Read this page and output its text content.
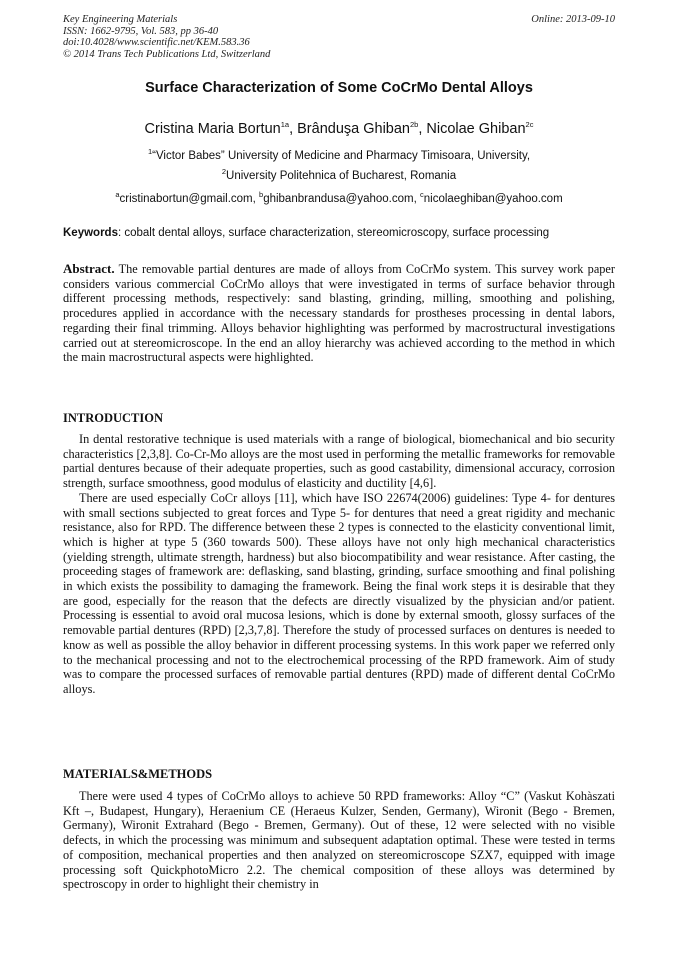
Key Engineering Materials
ISSN: 1662-9795, Vol. 583, pp 36-40
doi:10.4028/www.scientific.net/KEM.583.36
© 2014 Trans Tech Publications Ltd, Switzerland
Online: 2013-09-10
Surface Characterization of Some CoCrMo Dental Alloys
Cristina Maria Bortun$^{1a}$, Brânduşa Ghiban$^{2b}$, Nicolae Ghiban$^{2c}$
$^1$“Victor Babes” University of Medicine and Pharmacy Timisoara, University,
$^2$University Politehnica of Bucharest, Romania
$^a$cristinabortun@gmail.com, $^b$ghibanbrandusa@yahoo.com, $^c$nicolaeghiban@yahoo.com
Keywords: cobalt dental alloys, surface characterization, stereomicroscopy, surface processing
Abstract. The removable partial dentures are made of alloys from CoCrMo system. This survey work paper considers various commercial CoCrMo alloys that were investigated in terms of surface behavior through different processing methods, respectively: sand blasting, grinding, milling, smoothing and polishing, procedures applied in accordance with the necessary standards for prostheses processing in dental labors, regarding their final trimming. Alloys behavior highlighting was performed by macrostructural investigations carried out at stereomicroscope. In the end an alloy hierarchy was achieved according to the method in which the main macrostructural aspects were highlighted.
INTRODUCTION

In dental restorative technique is used materials with a range of biological, biomechanical and bio security characteristics [2,3,8]. Co-Cr-Mo alloys are the most used in performing the metallic frameworks for removable partial dentures because of their adequate properties, such as good castability, dimensional accuracy, corrosion strength, surface smoothness, good modulus of elasticity and ductility [4,6].

There are used especially CoCr alloys [11], which have ISO 22674(2006) guidelines: Type 4- for dentures with small sections subjected to great forces and Type 5- for dentures that need a great rigidity and mechanic resistance, also for RPD. The difference between these 2 types is connected to the elasticity conventional limit, which is higher at type 5 (360 towards 500). These alloys have not only high mechanical characteristics (yielding strength, ultimate strength, hardness) but also biocompatibility and wear resistance. After casting, the proceeding stages of framework are: deflasking, sand blasting, grinding, surface smoothing and final polishing in which exists the possibility to damaging the framework. Being the final work steps it is desirable that they are good, especially for the reason that the defects are directly visualized by the physician and/or patient. Processing is essential to avoid oral mucosa lesions, which is done by external smooth, glossy surfaces of the removable partial dentures (RPD) [2,3,7,8]. Therefore the study of processed surfaces on dentures is needed to know as well as possible the alloy behavior in different processing systems. In this work paper we referred only to the mechanical processing and not to the electrochemical processing of the RPD framework. Aim of study was to compare the processed surfaces of removable partial dentures (RPD) made of different dental CoCrMo alloys.

MATERIALS&METHODS

There were used 4 types of CoCrMo alloys to achieve 50 RPD frameworks: Alloy “C” (Vaskut Kohàszati Kft –, Budapest, Hungary), Heraenium CE (Heraeus Kulzer, Senden, Germany), Wironit (Bego - Bremen, Germany), Wironit Extrahard (Bego - Bremen, Germany). Out of these, 12 were selected with no visible defects, in which the processing was minimum and subsequent adaptation optimal. These were tested in terms of composition, mechanical properties and then analyzed on stereomicroscope SZX7, equipped with image processing soft QuickphotoMicro 2.2. The chemical composition of these alloys was determined by spectroscopy in order to highlight their chemistry in
